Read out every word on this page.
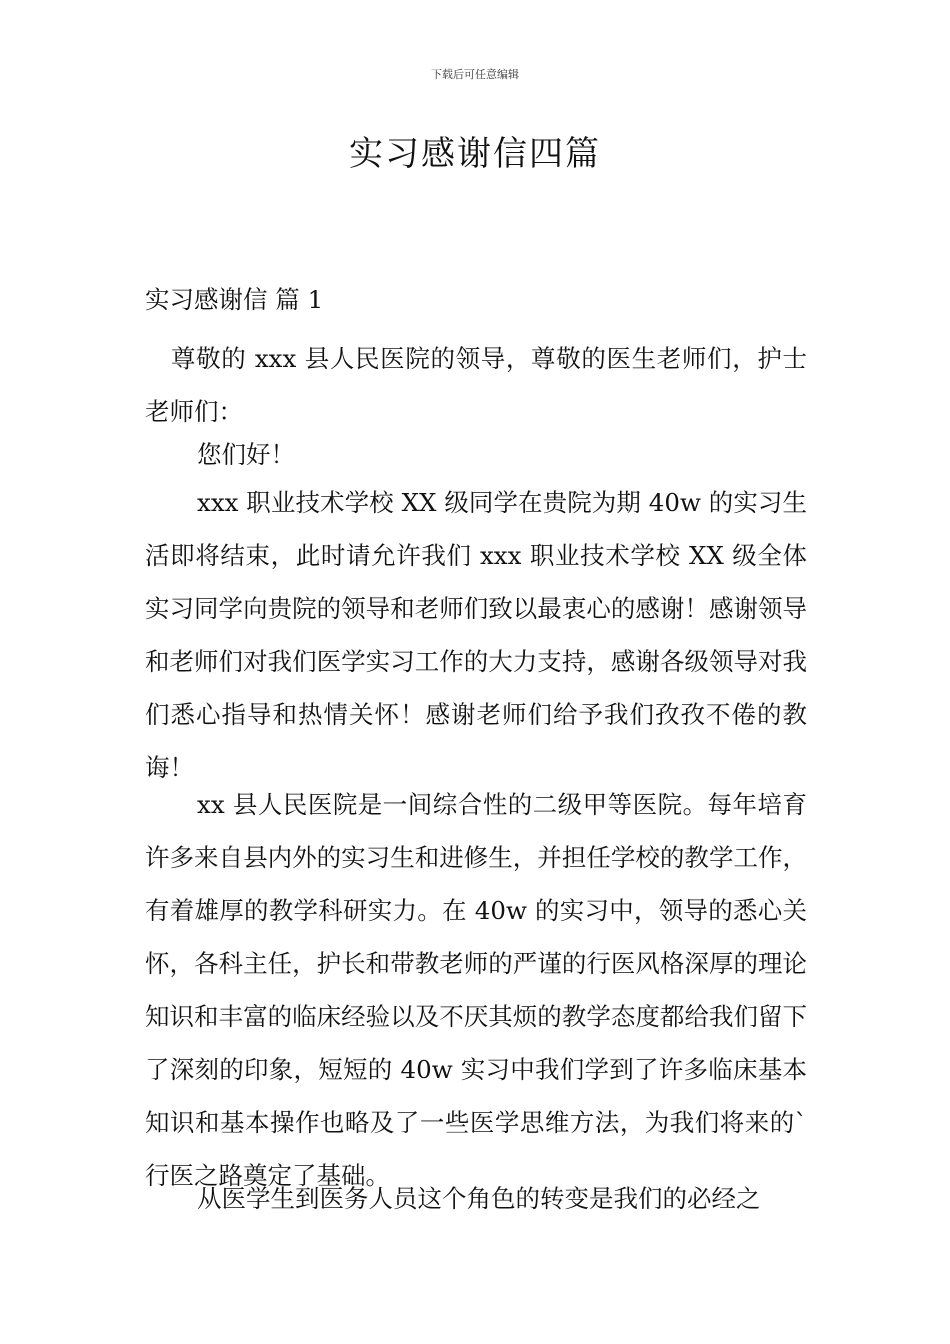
下载后可任意编辑
实习感谢信四篇
实习感谢信 篇 1
尊敬的 xxx 县人民医院的领导，尊敬的医生老师们，护士老师们：
您们好！
xxx 职业技术学校 XX 级同学在贵院为期 40w 的实习生活即将结束，此时请允许我们 xxx 职业技术学校 XX 级全体实习同学向贵院的领导和老师们致以最衷心的感谢！感谢领导和老师们对我们医学实习工作的大力支持，感谢各级领导对我们悉心指导和热情关怀！感谢老师们给予我们孜孜不倦的教诲！
xx 县人民医院是一间综合性的二级甲等医院。每年培育许多来自县内外的实习生和进修生，并担任学校的教学工作，有着雄厚的教学科研实力。在 40w 的实习中，领导的悉心关怀，各科主任，护长和带教老师的严谨的行医风格深厚的理论知识和丰富的临床经验以及不厌其烦的教学态度都给我们留下了深刻的印象，短短的 40w 实习中我们学到了许多临床基本知识和基本操作也略及了一些医学思维方法，为我们将来的`行医之路奠定了基础。
从医学生到医务人员这个角色的转变是我们的必经之
